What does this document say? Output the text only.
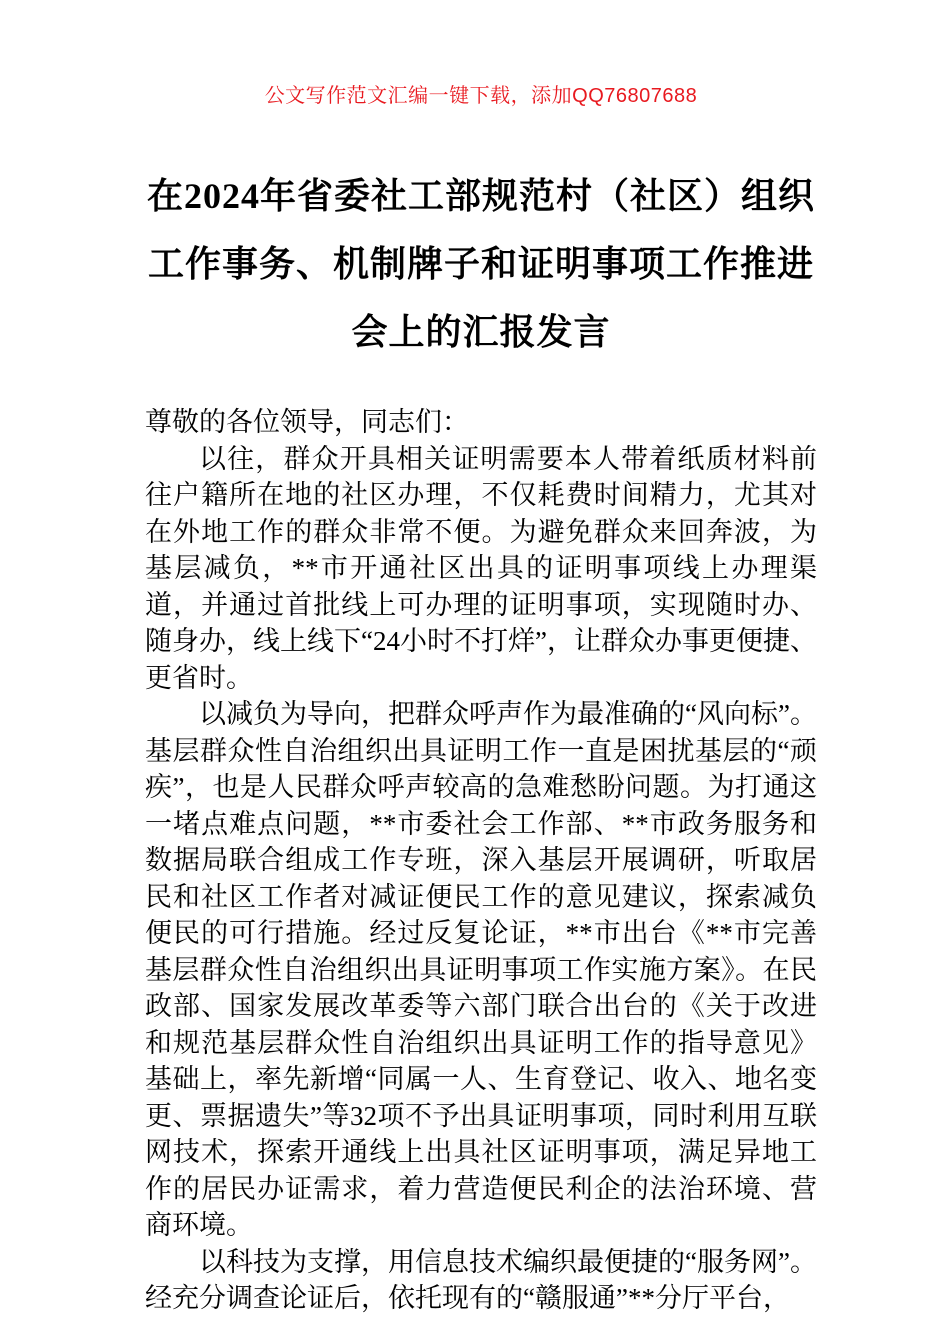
公文写作范文汇编一键下载，添加QQ76807688
在2024年省委社工部规范村（社区）组织
工作事务、机制牌子和证明事项工作推进
会上的汇报发言

尊敬的各位领导，同志们：

以往，群众开具相关证明需要本人带着纸质材料前往户籍所在地的社区办理，不仅耗费时间精力，尤其对在外地工作的群众非常不便。为避免群众来回奔波，为基层减负，**市开通社区出具的证明事项线上办理渠道，并通过首批线上可办理的证明事项，实现随时办、随身办，线上线下“24小时不打烊”，让群众办事更便捷、更省时。

以减负为导向，把群众呼声作为最准确的“风向标”。基层群众性自治组织出具证明工作一直是困扰基层的“顽疾”，也是人民群众呼声较高的急难愁盼问题。为打通这一堵点难点问题，**市委社会工作部、**市政务服务和数据局联合组成工作专班，深入基层开展调研，听取居民和社区工作者对减证便民工作的意见建议，探索减负便民的可行措施。经过反复论证，**市出台《**市完善基层群众性自治组织出具证明事项工作实施方案》。在民政部、国家发展改革委等六部门联合出台的《关于改进和规范基层群众性自治组织出具证明工作的指导意见》基础上，率先新增“同属一人、生育登记、收入、地名变更、票据遗失”等32项不予出具证明事项，同时利用互联网技术，探索开通线上出具社区证明事项，满足异地工作的居民办证需求，着力营造便民利企的法治环境、营商环境。

以科技为支撑，用信息技术编织最便捷的“服务网”。经充分调查论证后，依托现有的“赣服通”**分厅平台，
